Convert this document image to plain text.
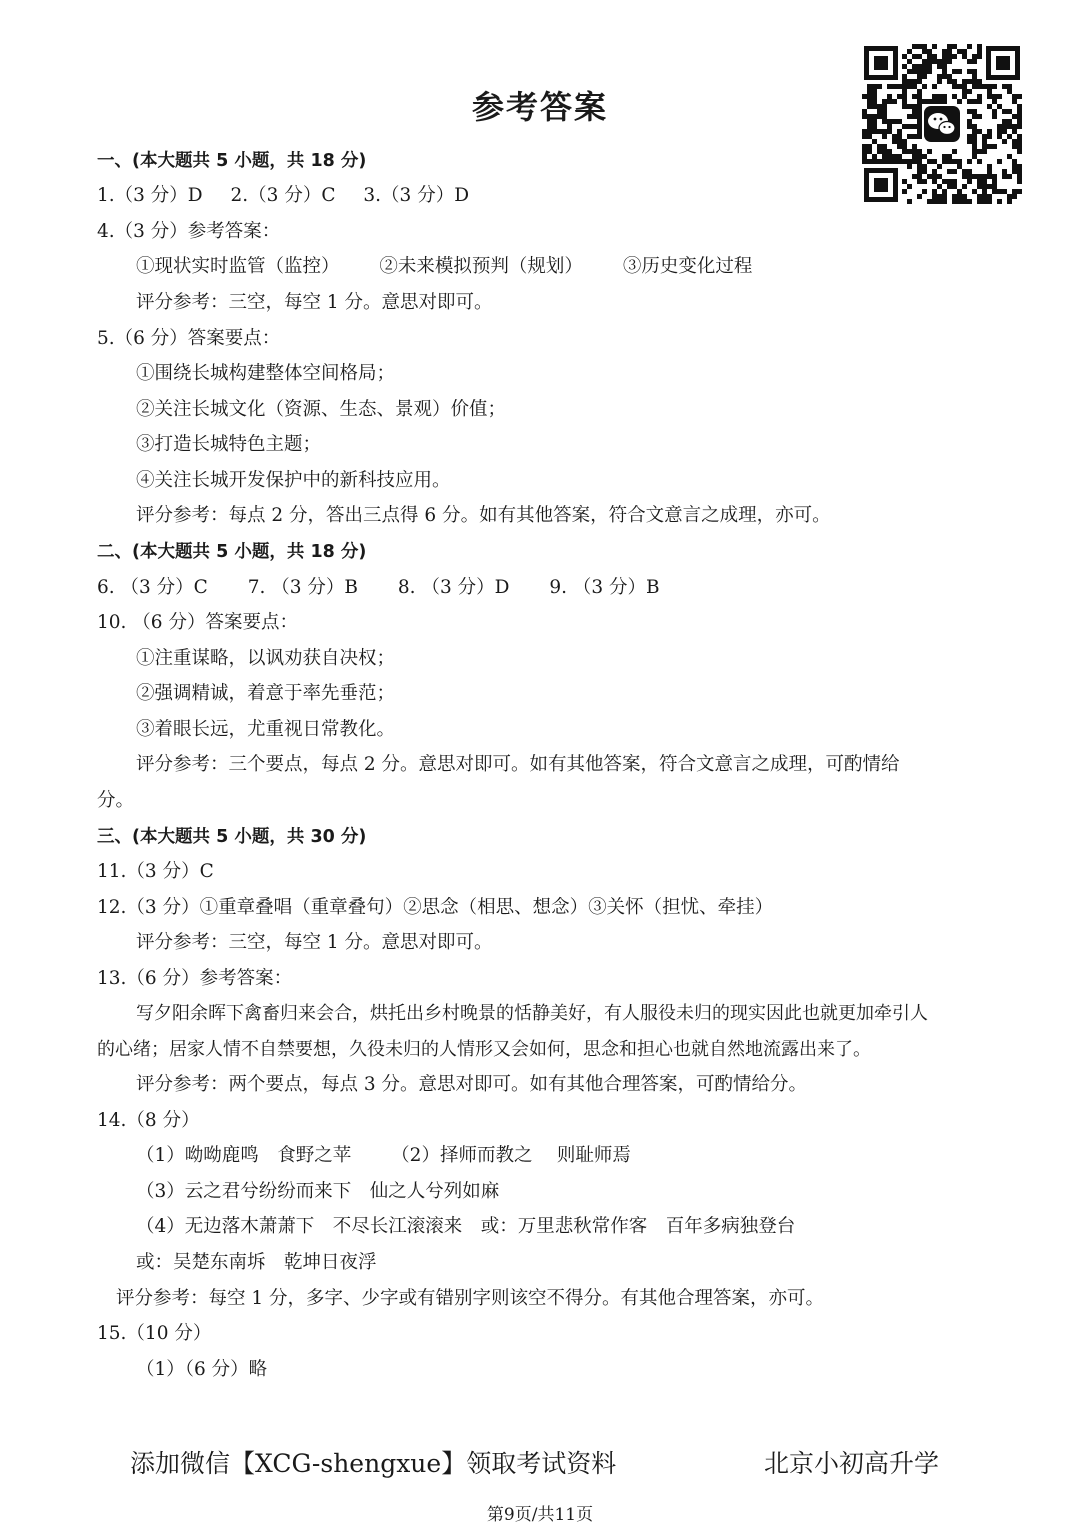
参考答案
一、(本大题共 5 小题，共 18 分)
1.（3 分）D 2.（3 分）C 3.（3 分）D
4.（3 分）参考答案：
①现状实时监管（监控） ②未来模拟预判（规划） ③历史变化过程
评分参考：三空，每空 1 分。意思对即可。
5.（6 分）答案要点：
①围绕长城构建整体空间格局；
②关注长城文化（资源、生态、景观）价值；
③打造长城特色主题；
④关注长城开发保护中的新科技应用。
评分参考：每点 2 分，答出三点得 6 分。如有其他答案，符合文意言之成理，亦可。
二、(本大题共 5 小题，共 18 分)
6. （3 分）C 7. （3 分）B 8. （3 分）D 9. （3 分）B
10. （6 分）答案要点：
①注重谋略，以讽劝获自决权；
②强调精诚，着意于率先垂范；
③着眼长远，尤重视日常教化。
评分参考：三个要点，每点 2 分。意思对即可。如有其他答案，符合文意言之成理，可酌情给
分。
三、(本大题共 5 小题，共 30 分)
11.（3 分）C
12.（3 分）①重章叠唱（重章叠句）②思念（相思、想念）③关怀（担忧、牵挂）
评分参考：三空，每空 1 分。意思对即可。
13.（6 分）参考答案：
写夕阳余晖下禽畜归来会合，烘托出乡村晚景的恬静美好，有人服役未归的现实因此也就更加牵引人
的心绪；居家人情不自禁要想，久役未归的人情形又会如何，思念和担心也就自然地流露出来了。
评分参考：两个要点，每点 3 分。意思对即可。如有其他合理答案，可酌情给分。
14.（8 分）
（1）呦呦鹿鸣　食野之苹 （2）择师而教之　 则耻师焉
（3）云之君兮纷纷而来下　仙之人兮列如麻
（4）无边落木萧萧下　不尽长江滚滚来　或：万里悲秋常作客　百年多病独登台
或：吴楚东南坼　乾坤日夜浮
评分参考：每空 1 分，多字、少字或有错别字则该空不得分。有其他合理答案，亦可。
15.（10 分）
（1）（6 分）略
添加微信【XCG-shengxue】领取考试资料	北京小初高升学
第9页/共11页
